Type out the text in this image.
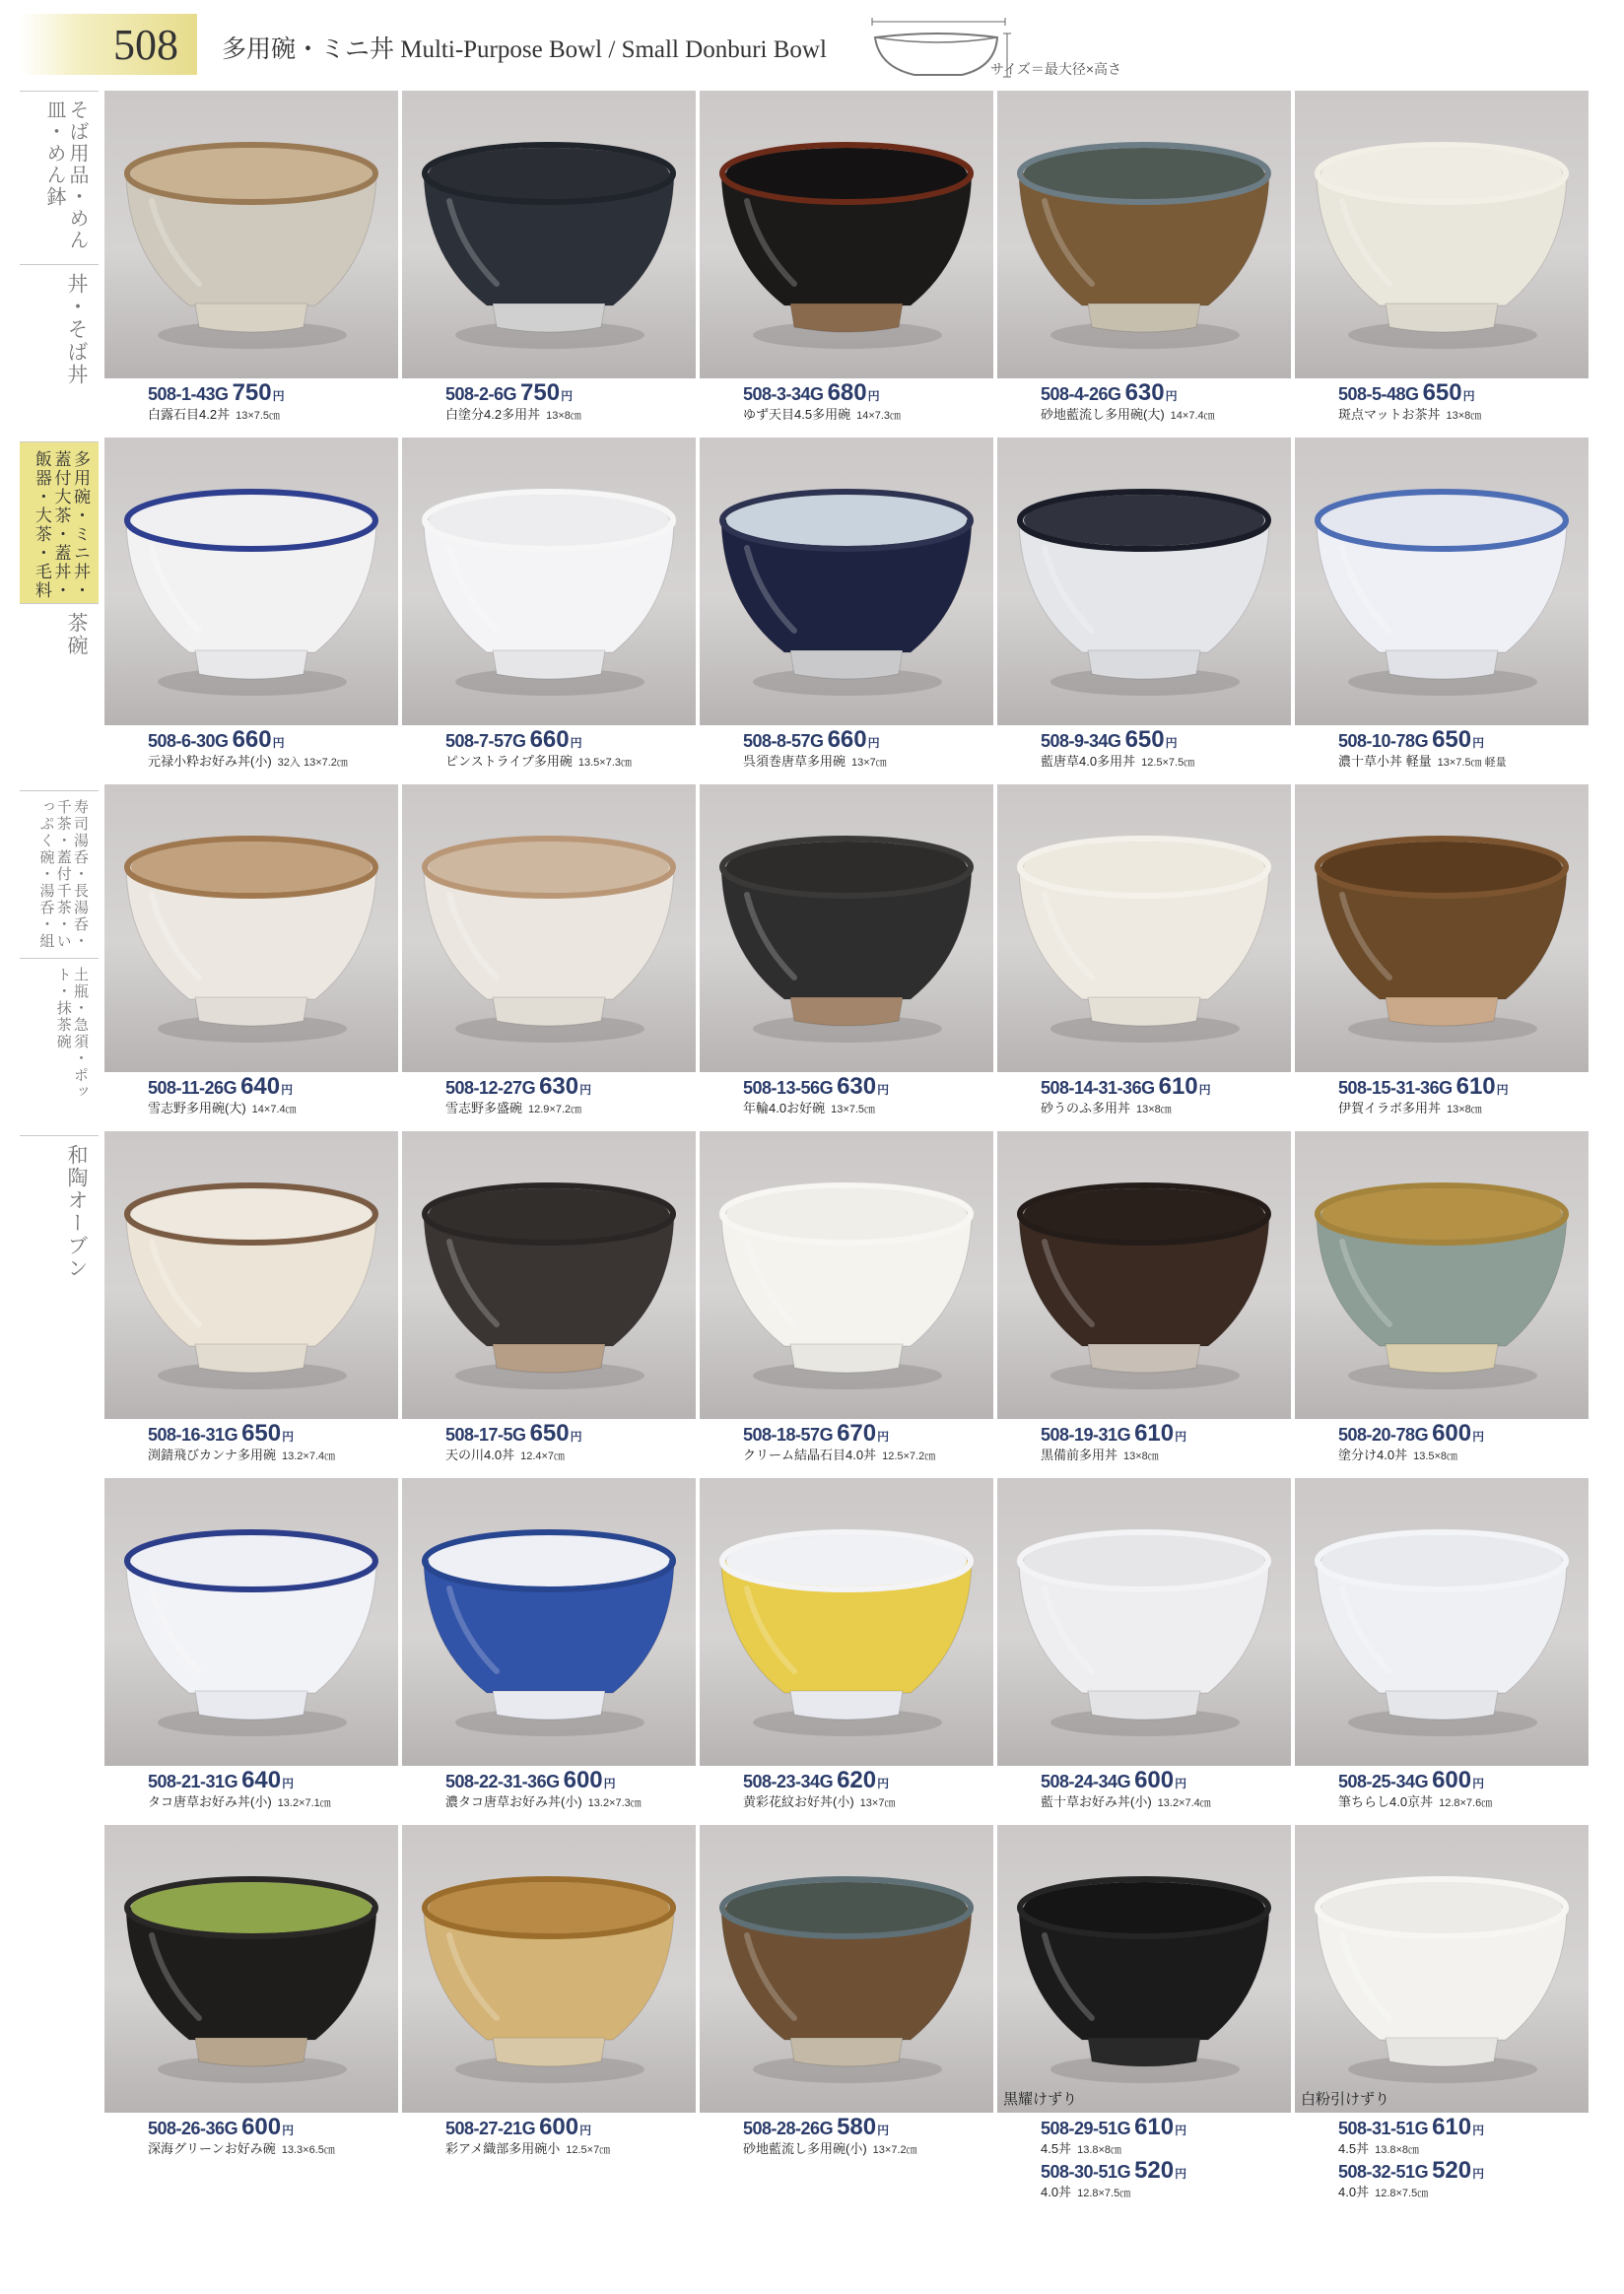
508 多用碗・ミニ丼 Multi-Purpose Bowl / Small Donburi Bowl
サイズ＝最大径×高さ
そば用品・めん皿・めん鉢
丼・そば丼
多用碗・ミニ丼・蓋付大茶・蓋丼・飯器・大茶・毛料
茶碗
寿司湯呑・長湯呑・千茶・蓋付千茶・いっぷく碗・湯呑・組
土瓶・急須・ポット・抹茶碗
和陶オーブン
508-1-43G 750円
白露石目4.2丼 13×7.5㎝
508-2-6G 750円
白塗分4.2多用丼 13×8㎝
508-3-34G 680円
ゆず天目4.5多用碗 14×7.3㎝
508-4-26G 630円
砂地藍流し多用碗(大) 14×7.4㎝
508-5-48G 650円
斑点マットお茶丼 13×8㎝
508-6-30G 660円
元禄小粋お好み丼(小) 32入 13×7.2㎝
508-7-57G 660円
ピンストライプ多用碗 13.5×7.3㎝
508-8-57G 660円
呉須巻唐草多用碗 13×7㎝
508-9-34G 650円
藍唐草4.0多用丼 12.5×7.5㎝
508-10-78G 650円
濃十草小丼 軽量 13×7.5㎝ 軽量
508-11-26G 640円
雪志野多用碗(大) 14×7.4㎝
508-12-27G 630円
雪志野多盛碗 12.9×7.2㎝
508-13-56G 630円
年輪4.0お好碗 13×7.5㎝
508-14-31-36G 610円
砂うのふ多用丼 13×8㎝
508-15-31-36G 610円
伊賀イラボ多用丼 13×8㎝
508-16-31G 650円
渕錆飛びカンナ多用碗 13.2×7.4㎝
508-17-5G 650円
天の川4.0丼 12.4×7㎝
508-18-57G 670円
クリーム結晶石目4.0丼 12.5×7.2㎝
508-19-31G 610円
黒備前多用丼 13×8㎝
508-20-78G 600円
塗分け4.0丼 13.5×8㎝
508-21-31G 640円
タコ唐草お好み丼(小) 13.2×7.1㎝
508-22-31-36G 600円
濃タコ唐草お好み丼(小) 13.2×7.3㎝
508-23-34G 620円
黄彩花紋お好丼(小) 13×7㎝
508-24-34G 600円
藍十草お好み丼(小) 13.2×7.4㎝
508-25-34G 600円
筆ちらし4.0京丼 12.8×7.6㎝
508-26-36G 600円
深海グリーンお好み碗 13.3×6.5㎝
508-27-21G 600円
彩アメ織部多用碗小 12.5×7㎝
508-28-26G 580円
砂地藍流し多用碗(小) 13×7.2㎝
黒耀けずり
508-29-51G 610円
4.5丼 13.8×8㎝
508-30-51G 520円
4.0丼 12.8×7.5㎝
白粉引けずり
508-31-51G 610円
4.5丼 13.8×8㎝
508-32-51G 520円
4.0丼 12.8×7.5㎝
